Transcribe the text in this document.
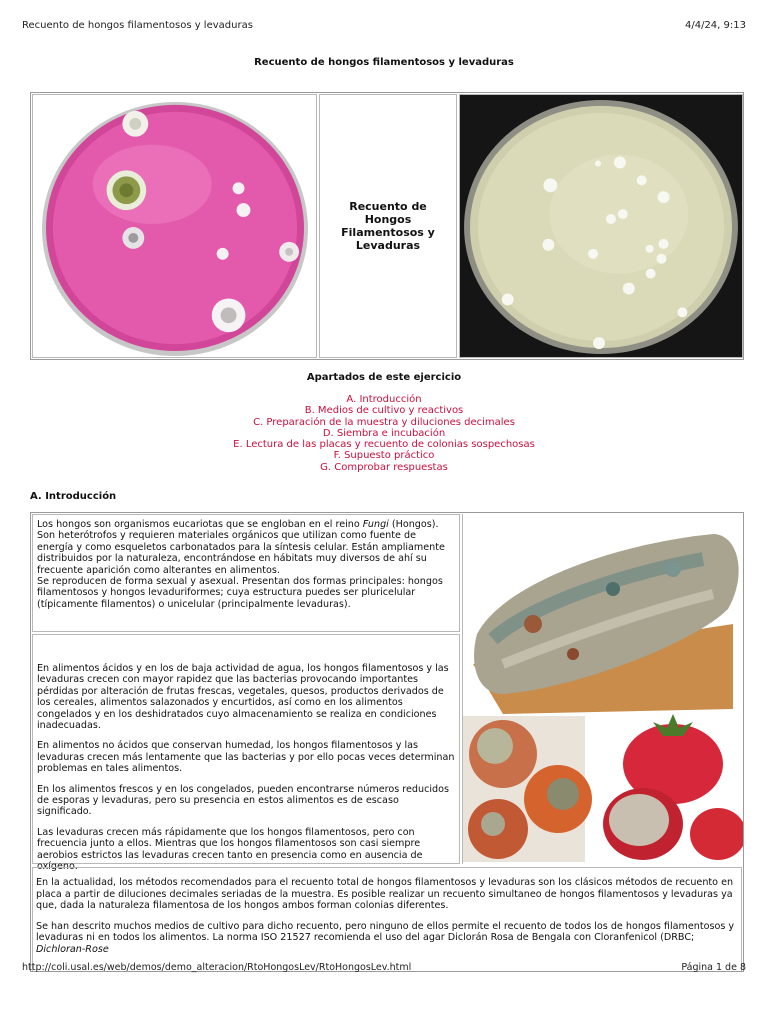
Recuento de hongos filamentosos y levaduras	4/4/24, 9:13
Recuento de hongos filamentosos y levaduras
Recuento de Hongos Filamentosos y Levaduras
Apartados de este ejercicio
A. Introducción
B. Medios de cultivo y reactivos
C. Preparación de la muestra y diluciones decimales
D. Siembra e incubación
E. Lectura de las placas y recuento de colonias sospechosas
F. Supuesto práctico
G. Comprobar respuestas
A. Introducción

Los hongos son organismos eucariotas que se engloban en el reino Fungi (Hongos).

Son heterótrofos y requieren materiales orgánicos que utilizan como fuente de energía y como esqueletos carbonatados para la síntesis celular. Están ampliamente distribuidos por la naturaleza, encontrándose en hábitats muy diversos de ahí su frecuente aparición como alterantes en alimentos.

Se reproducen de forma sexual y asexual. Presentan dos formas principales: hongos filamentosos y hongos levaduriformes; cuya estructura puedes ser pluricelular (típicamente filamentos) o unicelular (principalmente levaduras).

En alimentos ácidos y en los de baja actividad de agua, los hongos filamentosos y las levaduras crecen con mayor rapidez que las bacterias provocando importantes pérdidas por alteración de frutas frescas, vegetales, quesos, productos derivados de los cereales, alimentos salazonados y encurtidos, así como en los alimentos congelados y en los deshidratados cuyo almacenamiento se realiza en condiciones inadecuadas.

En alimentos no ácidos que conservan humedad, los hongos filamentosos y las levaduras crecen más lentamente que las bacterias y por ello pocas veces determinan problemas en tales alimentos.

En los alimentos frescos y en los congelados, pueden encontrarse números reducidos de esporas y levaduras, pero su presencia en estos alimentos es de escaso significado.

Las levaduras crecen más rápidamente que los hongos filamentosos, pero con frecuencia junto a ellos. Mientras que los hongos filamentosos son casi siempre aerobios estrictos las levaduras crecen tanto en presencia como en ausencia de oxígeno.

En la actualidad, los métodos recomendados para el recuento total de hongos filamentosos y levaduras son los clásicos métodos de recuento en placa a partir de diluciones decimales seriadas de la muestra. Es posible realizar un recuento simultaneo de hongos filamentosos y levaduras ya que, dada la naturaleza filamentosa de los hongos ambos forman colonias diferentes.

Se han descrito muchos medios de cultivo para dicho recuento, pero ninguno de ellos permite el recuento de todos los de hongos filamentosos y levaduras ni en todos los alimentos. La norma ISO 21527 recomienda el uso del agar Diclorán Rosa de Bengala con Cloranfenicol (DRBC; Dichloran-Rose

http://coli.usal.es/web/demos/demo_alteracion/RtoHongosLev/RtoHongosLev.html	Página 1 de 8
